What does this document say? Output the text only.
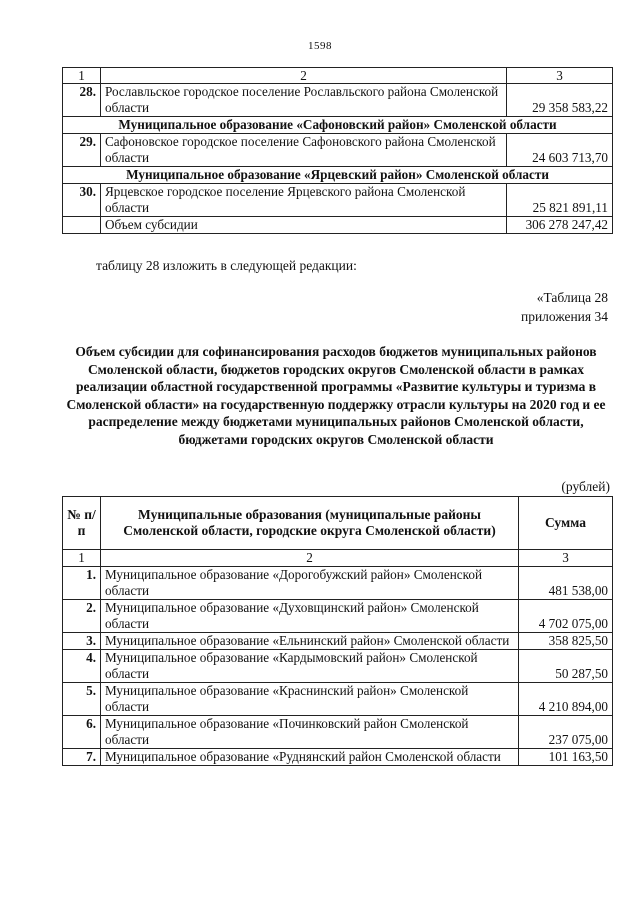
1598
1	2	3
28.	Рославльское городское поселение Рославльского района Смоленской области	29 358 583,22
Муниципальное образование «Сафоновский район» Смоленской области		
29.	Сафоновское городское поселение Сафоновского района Смоленской области	24 603 713,70
Муниципальное образование «Ярцевский район» Смоленской области		
30.	Ярцевское городское поселение Ярцевского района Смоленской области	25 821 891,11
	Объем субсидии	306 278 247,42
таблицу 28 изложить в следующей редакции:
«Таблица 28
приложения 34
Объем субсидии для софинансирования расходов бюджетов муниципальных районов Смоленской области, бюджетов городских округов Смоленской области в рамках реализации областной государственной программы «Развитие культуры и туризма в Смоленской области» на государственную поддержку отрасли культуры на 2020 год и ее распределение между бюджетами муниципальных районов Смоленской области, бюджетами городских округов Смоленской области
(рублей)
№ п/п	Муниципальные образования (муниципальные районы Смоленской области, городские округа Смоленской области)	Сумма
1	2	3
1.	Муниципальное образование «Дорогобужский район» Смоленской области	481 538,00
2.	Муниципальное образование «Духовщинский район» Смоленской области	4 702 075,00
3.	Муниципальное образование «Ельнинский район» Смоленской области	358 825,50
4.	Муниципальное образование «Кардымовский район» Смоленской области	50 287,50
5.	Муниципальное образование «Краснинский район» Смоленской области	4 210 894,00
6.	Муниципальное образование «Починковский район Смоленской области	237 075,00
7.	Муниципальное образование «Руднянский район Смоленской области	101 163,50
